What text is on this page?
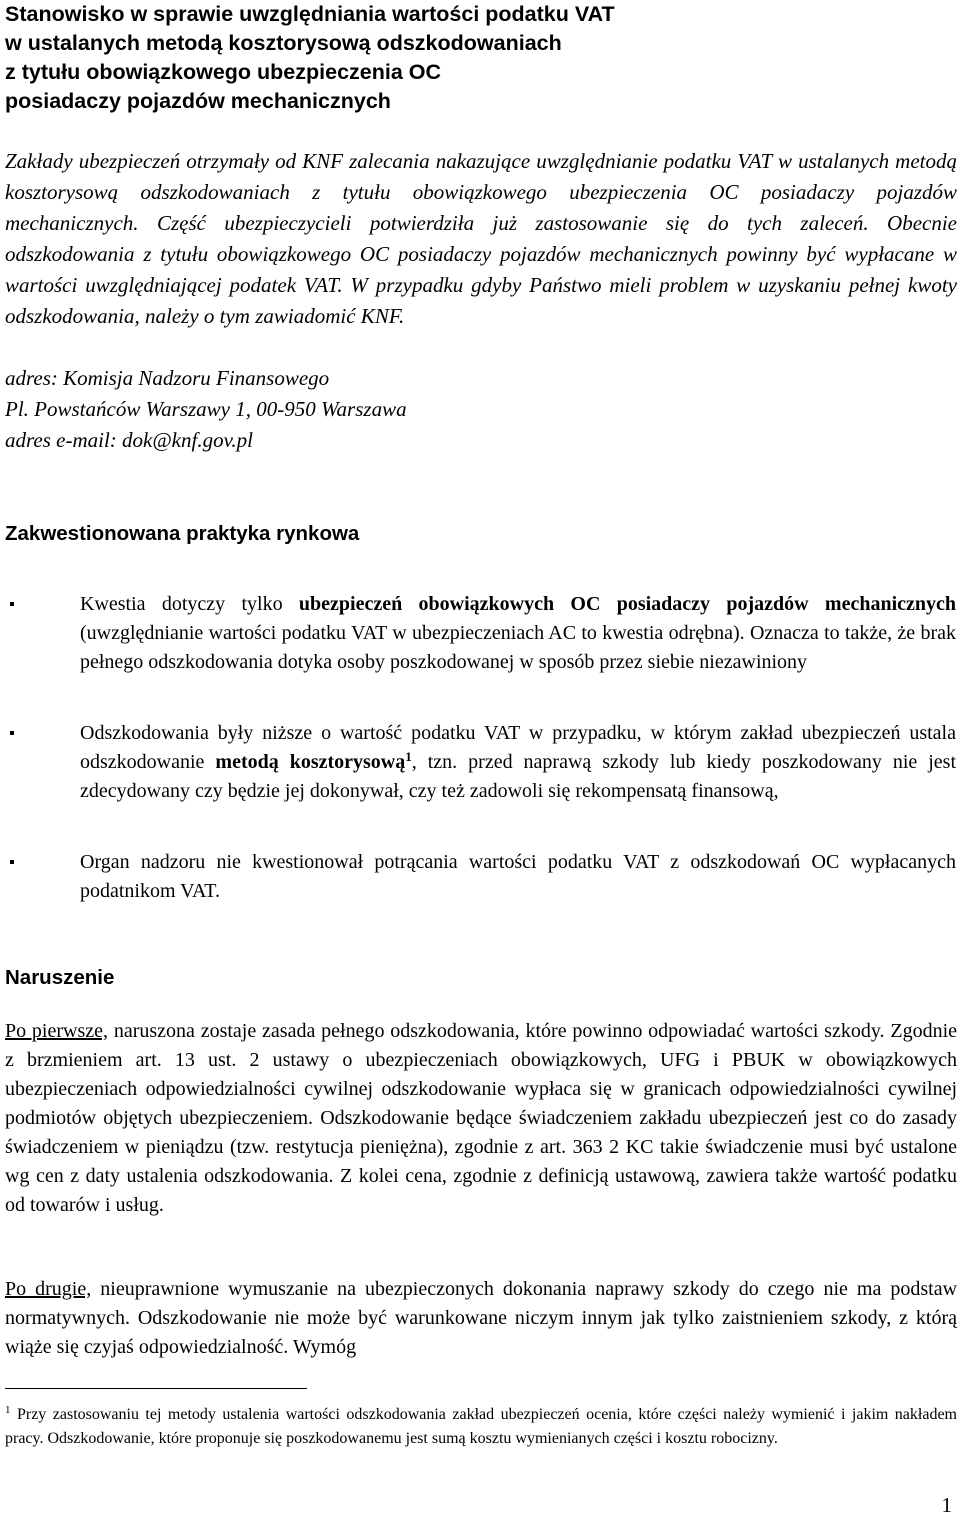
Stanowisko w sprawie uwzględniania wartości podatku VAT
w ustalanych metodą kosztorysową odszkodowaniach
z tytułu obowiązkowego ubezpieczenia OC
posiadaczy pojazdów mechanicznych

Zakłady ubezpieczeń otrzymały od KNF zalecania nakazujące uwzględnianie podatku VAT w ustalanych metodą kosztorysową odszkodowaniach z tytułu obowiązkowego ubezpieczenia OC posiadaczy pojazdów mechanicznych. Część ubezpieczycieli potwierdziła już zastosowanie się do tych zaleceń. Obecnie odszkodowania z tytułu obowiązkowego OC posiadaczy pojazdów mechanicznych powinny być wypłacane w wartości uwzględniającej podatek VAT. W przypadku gdyby Państwo mieli problem w uzyskaniu pełnej kwoty odszkodowania, należy o tym zawiadomić KNF.

adres: Komisja Nadzoru Finansowego

Pl. Powstańców Warszawy 1, 00-950 Warszawa

adres e-mail: dok@knf.gov.pl

Zakwestionowana praktyka rynkowa
Kwestia dotyczy tylko ubezpieczeń obowiązkowych OC posiadaczy pojazdów mechanicznych (uwzględnianie wartości podatku VAT w ubezpieczeniach AC to kwestia odrębna). Oznacza to także, że brak pełnego odszkodowania dotyka osoby poszkodowanej w sposób przez siebie niezawiniony
Odszkodowania były niższe o wartość podatku VAT w przypadku, w którym zakład ubezpieczeń ustala odszkodowanie metodą kosztorysową$^1$, tzn. przed naprawą szkody lub kiedy poszkodowany nie jest zdecydowany czy będzie jej dokonywał, czy też zadowoli się rekompensatą finansową,
Organ nadzoru nie kwestionował potrącania wartości podatku VAT z odszkodowań OC wypłacanych podatnikom VAT.
Naruszenie

Po pierwsze, naruszona zostaje zasada pełnego odszkodowania, które powinno odpowiadać wartości szkody. Zgodnie z brzmieniem art. 13 ust. 2 ustawy o ubezpieczeniach obowiązkowych, UFG i PBUK w obowiązkowych ubezpieczeniach odpowiedzialności cywilnej odszkodowanie wypłaca się w granicach odpowiedzialności cywilnej podmiotów objętych ubezpieczeniem. Odszkodowanie będące świadczeniem zakładu ubezpieczeń jest co do zasady świadczeniem w pieniądzu (tzw. restytucja pieniężna), zgodnie z art. 363 2 KC takie świadczenie musi być ustalone wg cen z daty ustalenia odszkodowania. Z kolei cena, zgodnie z definicją ustawową, zawiera także wartość podatku od towarów i usług.

Po drugie, nieuprawnione wymuszanie na ubezpieczonych dokonania naprawy szkody do czego nie ma podstaw normatywnych. Odszkodowanie nie może być warunkowane niczym innym jak tylko zaistnieniem szkody, z którą wiąże się czyjaś odpowiedzialność. Wymóg

$^1$ Przy zastosowaniu tej metody ustalenia wartości odszkodowania zakład ubezpieczeń ocenia, które części należy wymienić i jakim nakładem pracy. Odszkodowanie, które proponuje się poszkodowanemu jest sumą kosztu wymienianych części i kosztu robocizny.

1
